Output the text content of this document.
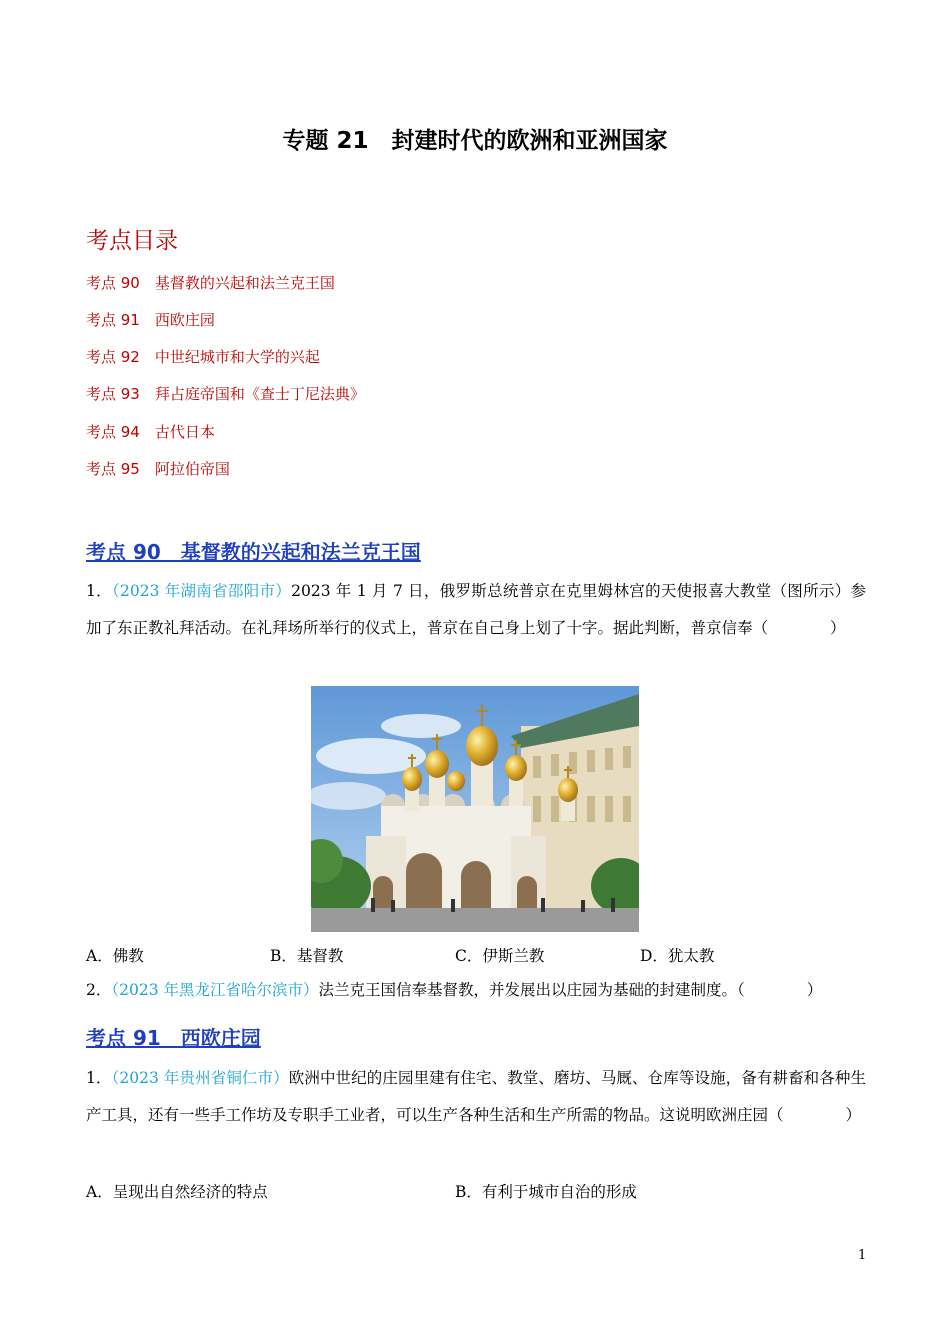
专题 21　封建时代的欧洲和亚洲国家
考点目录
考点 90　基督教的兴起和法兰克王国
考点 91　西欧庄园
考点 92　中世纪城市和大学的兴起
考点 93　拜占庭帝国和《查士丁尼法典》
考点 94　古代日本
考点 95　阿拉伯帝国
考点 90　基督教的兴起和法兰克王国
1．（2023 年湖南省邵阳市）2023 年 1 月 7 日，俄罗斯总统普京在克里姆林宫的天使报喜大教堂（图所示）参加了东正教礼拜活动。在礼拜场所举行的仪式上，普京在自己身上划了十字。据此判断，普京信奉（　　　　）
A．佛教	B．基督教	C．伊斯兰教	D．犹太教
2．（2023 年黑龙江省哈尔滨市）法兰克王国信奉基督教，并发展出以庄园为基础的封建制度。（　　　　）
考点 91　西欧庄园
1．（2023 年贵州省铜仁市）欧洲中世纪的庄园里建有住宅、教堂、磨坊、马厩、仓库等设施，备有耕畜和各种生产工具，还有一些手工作坊及专职手工业者，可以生产各种生活和生产所需的物品。这说明欧洲庄园（　　　　）
A．呈现出自然经济的特点	B．有利于城市自治的形成
1
